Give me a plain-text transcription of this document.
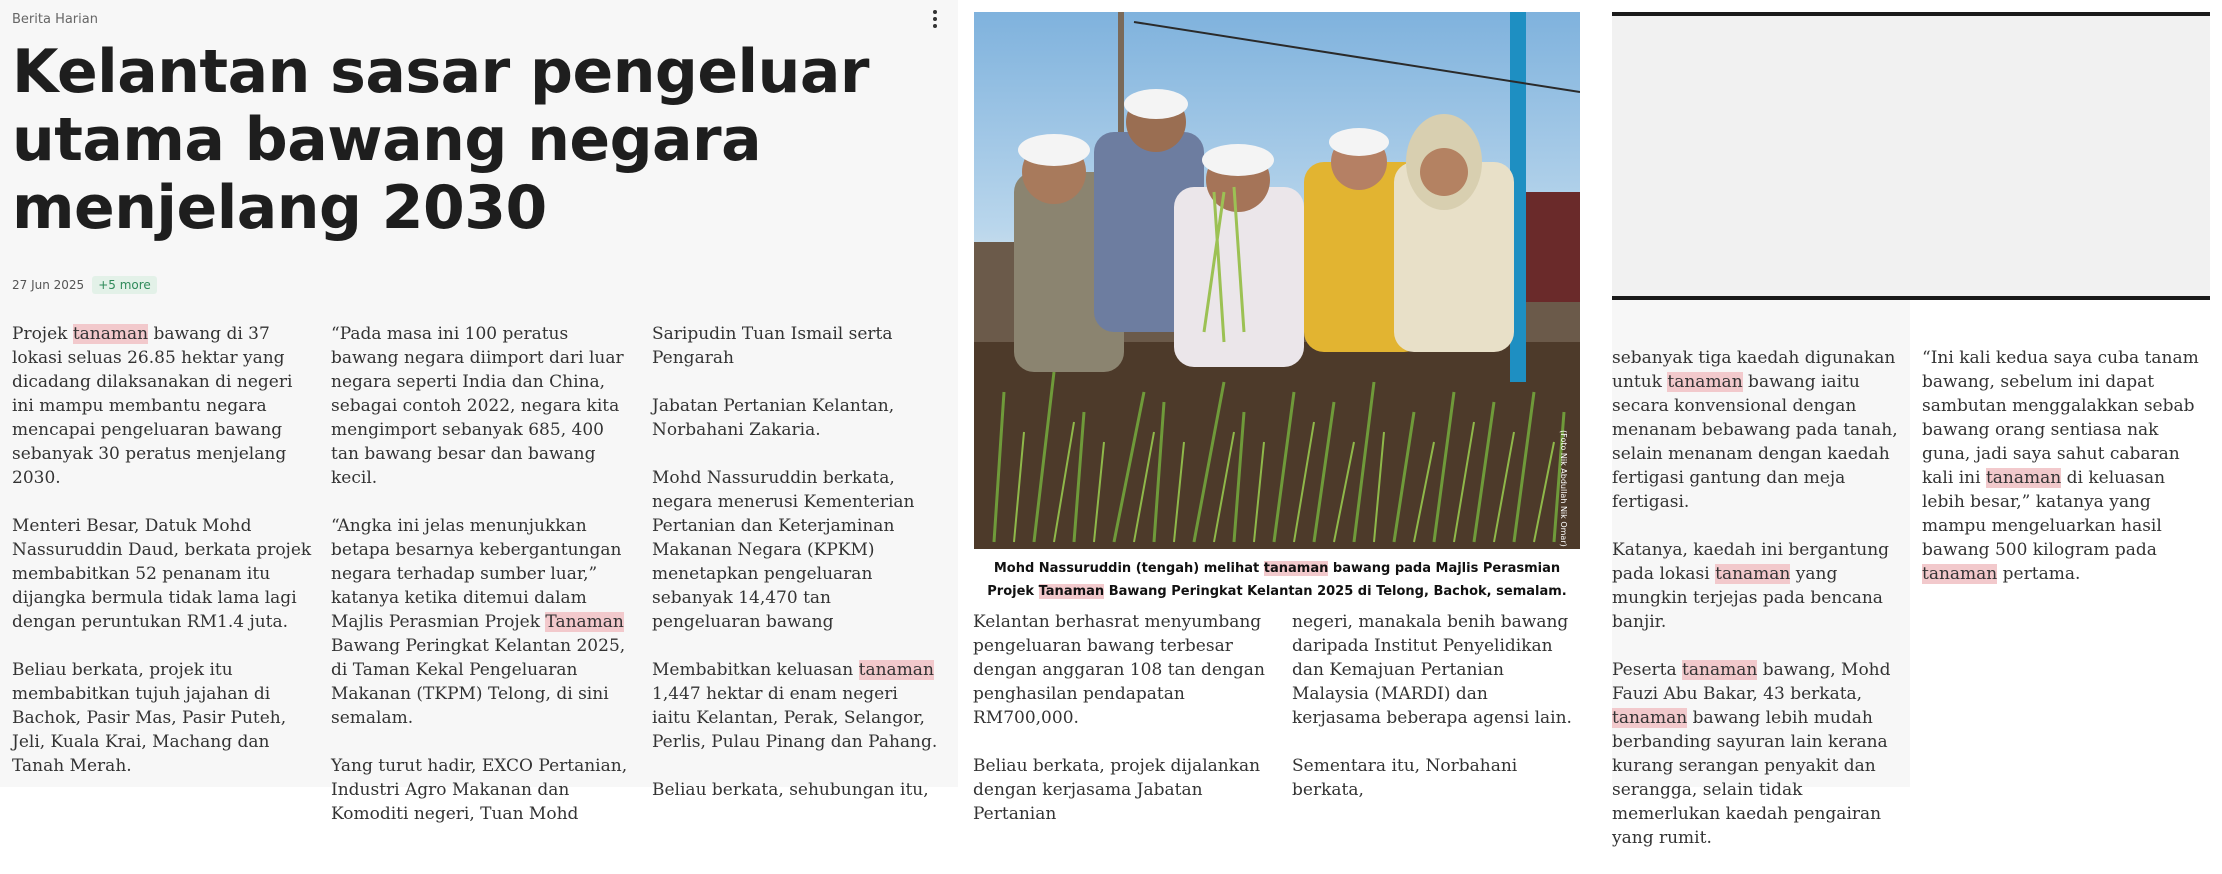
Berita Harian
Kelantan sasar pengeluar utama bawang negara menjelang 2030
27 Jun 2025	+5 more

Projek tanaman bawang di 37 lokasi seluas 26.85 hektar yang dicadang dilaksanakan di negeri ini mampu membantu negara mencapai pengeluaran bawang sebanyak 30 peratus menjelang 2030.

Menteri Besar, Datuk Mohd Nassuruddin Daud, berkata projek membabitkan 52 penanam itu dijangka bermula tidak lama lagi dengan peruntukan RM1.4 juta.

Beliau berkata, projek itu membabitkan tujuh jajahan di Bachok, Pasir Mas, Pasir Puteh, Jeli, Kuala Krai, Machang dan Tanah Merah.

“Pada masa ini 100 peratus bawang negara diimport dari luar negara seperti India dan China, sebagai contoh 2022, negara kita mengimport sebanyak 685, 400 tan bawang besar dan bawang kecil.

“Angka ini jelas menunjukkan betapa besarnya kebergantungan negara terhadap sumber luar,” katanya ketika ditemui dalam Majlis Perasmian Projek Tanaman Bawang Peringkat Kelantan 2025, di Taman Kekal Pengeluaran Makanan (TKPM) Telong, di sini semalam.

Yang turut hadir, EXCO Pertanian, Industri Agro Makanan dan Komoditi negeri, Tuan Mohd

Saripudin Tuan Ismail serta Pengarah

Jabatan Pertanian Kelantan, Norbahani Zakaria.

Mohd Nassuruddin berkata, negara menerusi Kementerian Pertanian dan Keterjaminan Makanan Negara (KPKM) menetapkan pengeluaran sebanyak 14,470 tan pengeluaran bawang

Membabitkan keluasan tanaman 1,447 hektar di enam negeri iaitu Kelantan, Perak, Selangor, Perlis, Pulau Pinang dan Pahang.

Beliau berkata, sehubungan itu,

(Foto Nik Abdullah Nik Omar)
Mohd Nassuruddin (tengah) melihat tanaman bawang pada Majlis Perasmian Projek Tanaman Bawang Peringkat Kelantan 2025 di Telong, Bachok, semalam.

Kelantan berhasrat menyumbang pengeluaran bawang terbesar dengan anggaran 108 tan dengan penghasilan pendapatan RM700,000.

Beliau berkata, projek dijalankan dengan kerjasama Jabatan Pertanian

negeri, manakala benih bawang daripada Institut Penyelidikan dan Kemajuan Pertanian Malaysia (MARDI) dan kerjasama beberapa agensi lain.

Sementara itu, Norbahani berkata,

sebanyak tiga kaedah digunakan untuk tanaman bawang iaitu secara konvensional dengan menanam bebawang pada tanah, selain menanam dengan kaedah fertigasi gantung dan meja fertigasi.

Katanya, kaedah ini bergantung pada lokasi tanaman yang mungkin terjejas pada bencana banjir.

Peserta tanaman bawang, Mohd Fauzi Abu Bakar, 43 berkata, tanaman bawang lebih mudah berbanding sayuran lain kerana kurang serangan penyakit dan serangga, selain tidak memerlukan kaedah pengairan yang rumit.

“Ini kali kedua saya cuba tanam bawang, sebelum ini dapat sambutan menggalakkan sebab bawang orang sentiasa nak guna, jadi saya sahut cabaran kali ini tanaman di keluasan lebih besar,” katanya yang mampu mengeluarkan hasil bawang 500 kilogram pada tanaman pertama.
